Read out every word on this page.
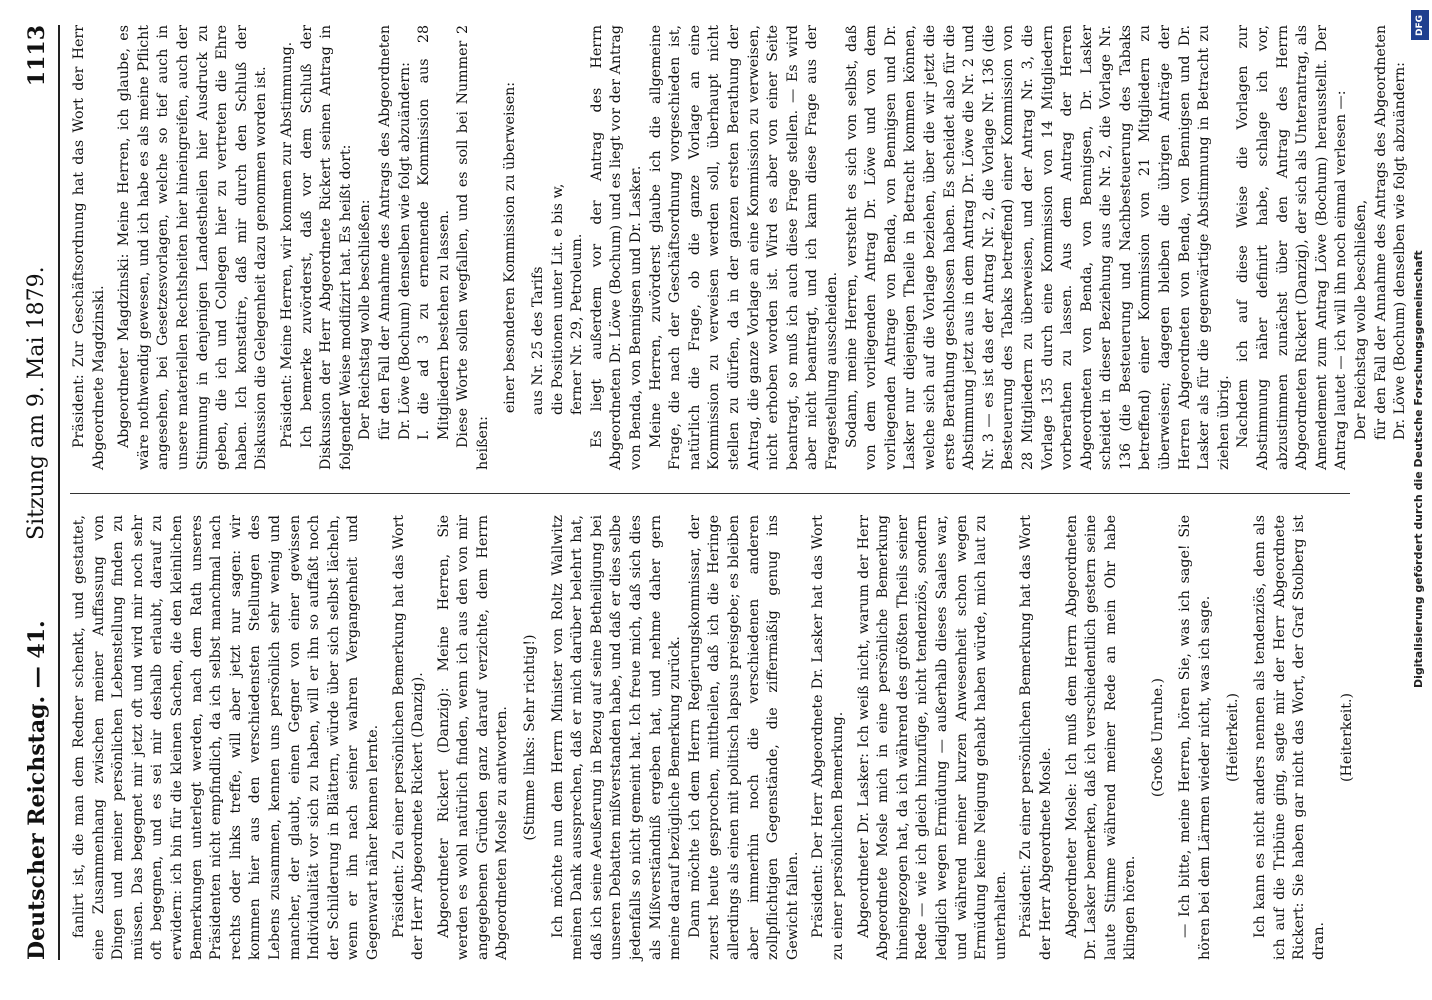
Deutscher Reichstag. — 41.
Sitzung am 9. Mai 1879.
1113

fanlirt ist, die man dem Redner schenkt, und gestattet, eine Zusammenhang zwischen meiner Auffassung von Dingen und meiner persönlichen Lebenstellung finden zu müssen. Das begegnet mir jetzt oft und wird mir noch sehr oft begegnen, und es sei mir deshalb erlaubt, darauf zu erwidern: ich bin für die kleinen Sachen, die den kleinlichen Bemerkungen unterlegt werden, nach dem Rath unseres Präsidenten nicht empfindlich, da ich selbst manchmal nach rechts oder links treffe, will aber jetzt nur sagen: wir kommen hier aus den verschiedensten Stellungen des Lebens zusammen, kennen uns persönlich sehr wenig und mancher, der glaubt, einen Gegner von einer gewissen Individualität vor sich zu haben, will er ihn so auffaßt noch der Schilderung in Blättern, würde über sich selbst lächeln, wenn er ihn nach seiner wahren Vergangenheit und Gegenwart näher kennen lernte. Präsident: Zu einer persönlichen Bemerkung hat das Wort der Herr Abgeordnete Rickert (Danzig). Abgeordneter Rickert (Danzig): Meine Herren, Sie werden es wohl natürlich finden, wenn ich aus den von mir angegebenen Gründen ganz darauf verzichte, dem Herrn Abgeordneten Mosle zu antworten. (Stimme links: Sehr richtig!) Ich möchte nun dem Herrn Minister von Roltz Wallwitz meinen Dank aussprechen, daß er mich darüber belehrt hat, daß ich seine Aeußerung in Bezug auf seine Betheiligung bei unseren Debatten mißverstanden habe, und daß er dies selbe jedenfalls so nicht gemeint hat. Ich freue mich, daß sich dies als Mißverständniß ergeben hat, und nehme daher gern meine darauf bezügliche Bemerkung zurück. Dann möchte ich dem Herrn Regierungskommissar, der zuerst heute gesprochen, mittheilen, daß ich die Heringe allerdings als einen mit politisch lapsus preisgebe; es bleiben aber immerhin noch die verschiedenen anderen zollpflichtigen Gegenstände, die ziffermäßig genug ins Gewicht fallen. Präsident: Der Herr Abgeordnete Dr. Lasker hat das Wort zu einer persönlichen Bemerkung. Abgeordneter Dr. Lasker: Ich weiß nicht, warum der Herr Abgeordnete Mosle mich in eine persönliche Bemerkung hineingezogen hat, da ich während des größten Theils seiner Rede — wie ich gleich hinzufüge, nicht tendenziös, sondern lediglich wegen Ermüdung — außerhalb dieses Saales war, und während meiner kurzen Anwesenheit schon wegen Ermüdung keine Neigung gehabt haben würde, mich laut zu unterhalten. Präsident: Zu einer persönlichen Bemerkung hat das Wort der Herr Abgeordnete Mosle. Abgeordneter Mosle: Ich muß dem Herrn Abgeordneten Dr. Lasker bemerken, daß ich verschiedentlich gestern seine laute Stimme während meiner Rede an mein Ohr habe klingen hören.

(Große Unruhe.) — Ich bitte, meine Herren, hören Sie, was ich sage! Sie hören bei dem Lärmen wieder nicht, was ich sage. (Heiterkeit.) Ich kann es nicht anders nennen als tendenziös, denn als ich auf die Tribüne ging, sagte mir der Herr Abgeordnete Rickert: Sie haben gar nicht das Wort, der Graf Stolberg ist dran.

(Heiterkeit.)

Präsident: Zur Geschäftsordnung hat das Wort der Herr Abgeordnete Magdzinski. Abgeordneter Magdzinski: Meine Herren, ich glaube, es wäre nothwendig gewesen, und ich habe es als meine Pflicht angesehen, bei Gesetzesvorlagen, welche so tief auch in unsere materiellen Rechtsheiten hier hineingreifen, auch der Stimmung in denjenigen Landestheilen hier Ausdruck zu geben, die ich und Collegen hier zu vertreten die Ehre haben. Ich konstatire, daß mir durch den Schluß der Diskussion die Gelegenheit dazu genommen worden ist. Präsident: Meine Herren, wir kommen zur Abstimmung. Ich bemerke zuvörderst, daß vor dem Schluß der Diskussion der Herr Abgeordnete Rickert seinen Antrag in folgender Weise modifizirt hat. Es heißt dort: Der Reichstag wolle beschließen: für den Fall der Annahme des Antrags des Abgeordneten Dr. Löwe (Bochum) denselben wie folgt abzuändern: I. die ad 3 zu ernennende Kommission aus 28 Mitgliedern bestehen zu lassen. Diese Worte sollen wegfallen, und es soll bei Nummer 2 heißen:

einer besonderen Kommission zu überweisen: aus Nr. 25 des Tarifs die Positionen unter Lit. e bis w, ferner Nr. 29, Petroleum. Es liegt außerdem vor der Antrag des Herrn Abgeordneten Dr. Löwe (Bochum) und es liegt vor der Antrag von Benda, von Bennigsen und Dr. Lasker. Meine Herren, zuvörderst glaube ich die allgemeine Frage, die nach der Geschäftsordnung vorgeschieden ist, natürlich die Frage, ob die ganze Vorlage an eine Kommission zu verweisen werden soll, überhaupt nicht stellen zu dürfen, da in der ganzen ersten Berathung der Antrag, die ganze Vorlage an eine Kommission zu verweisen, nicht erhoben worden ist. Wird es aber von einer Seite beantragt, so muß ich auch diese Frage stellen. — Es wird aber nicht beantragt, und ich kann diese Frage aus der Fragestellung ausscheiden. Sodann, meine Herren, versteht es sich von selbst, daß von dem vorliegenden Antrag Dr. Löwe und von dem vorliegenden Antrage von Benda, von Bennigsen und Dr. Lasker nur diejenigen Theile in Betracht kommen können, welche sich auf die Vorlage beziehen, über die wir jetzt die erste Berathung geschlossen haben. Es scheidet also für die Abstimmung jetzt aus in dem Antrag Dr. Löwe die Nr. 2 und Nr. 3 — es ist das der Antrag Nr. 2, die Vorlage Nr. 136 (die Besteuerung des Tabaks betreffend) einer Kommission von 28 Mitgliedern zu überweisen, und der Antrag Nr. 3, die Vorlage 135 durch eine Kommission von 14 Mitgliedern vorberathen zu lassen. Aus dem Antrag der Herren Abgeordneten von Benda, von Bennigsen, Dr. Lasker scheidet in dieser Beziehung aus die Nr. 2, die Vorlage Nr. 136 (die Besteuerung und Nachbesteuerung des Tabaks betreffend) einer Kommission von 21 Mitgliedern zu überweisen; dagegen bleiben die übrigen Anträge der Herren Abgeordneten von Benda, von Bennigsen und Dr. Lasker als für die gegenwärtige Abstimmung in Betracht zu ziehen übrig. Nachdem ich auf diese Weise die Vorlagen zur Abstimmung näher definirt habe, schlage ich vor, abzustimmen zunächst über den Antrag des Herrn Abgeordneten Rickert (Danzig), der sich als Unterantrag, als Amendement zum Antrag Löwe (Bochum) herausstellt. Der Antrag lautet — ich will ihn noch einmal verlesen —: Der Reichstag wolle beschließen, für den Fall der Annahme des Antrags des Abgeordneten Dr. Löwe (Bochum) denselben wie folgt abzuändern:

DFG
Digitalisierung gefördert durch die Deutsche Forschungsgemeinschaft
